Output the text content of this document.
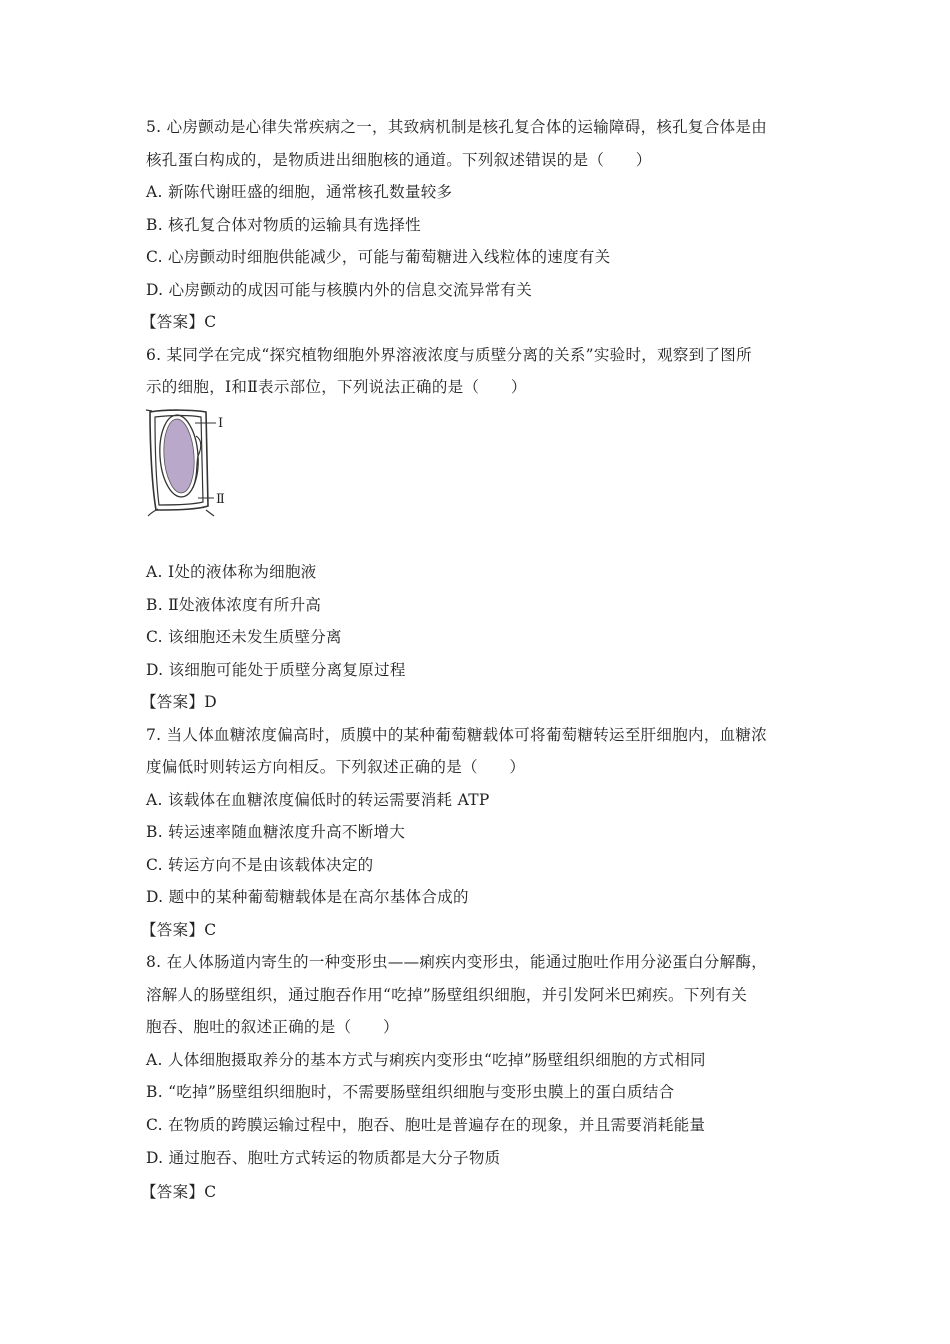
5. 心房颤动是心律失常疾病之一，其致病机制是核孔复合体的运输障碍，核孔复合体是由
核孔蛋白构成的，是物质进出细胞核的通道。下列叙述错误的是（　　）
A. 新陈代谢旺盛的细胞，通常核孔数量较多
B. 核孔复合体对物质的运输具有选择性
C. 心房颤动时细胞供能减少，可能与葡萄糖进入线粒体的速度有关
D. 心房颤动的成因可能与核膜内外的信息交流异常有关
【答案】C
6. 某同学在完成“探究植物细胞外界溶液浓度与质壁分离的关系”实验时，观察到了图所
示的细胞，Ⅰ和Ⅱ表示部位，下列说法正确的是（　　）
Ⅰ
Ⅱ
A. Ⅰ处的液体称为细胞液
B. Ⅱ处液体浓度有所升高
C. 该细胞还未发生质壁分离
D. 该细胞可能处于质壁分离复原过程
【答案】D
7. 当人体血糖浓度偏高时，质膜中的某种葡萄糖载体可将葡萄糖转运至肝细胞内，血糖浓
度偏低时则转运方向相反。下列叙述正确的是（　　）
A. 该载体在血糖浓度偏低时的转运需要消耗 ATP
B. 转运速率随血糖浓度升高不断增大
C. 转运方向不是由该载体决定的
D. 题中的某种葡萄糖载体是在高尔基体合成的
【答案】C
8. 在人体肠道内寄生的一种变形虫——痢疾内变形虫，能通过胞吐作用分泌蛋白分解酶，
溶解人的肠壁组织，通过胞吞作用“吃掉”肠壁组织细胞，并引发阿米巴痢疾。下列有关
胞吞、胞吐的叙述正确的是（　　）
A. 人体细胞摄取养分的基本方式与痢疾内变形虫“吃掉”肠壁组织细胞的方式相同
B. “吃掉”肠壁组织细胞时，不需要肠壁组织细胞与变形虫膜上的蛋白质结合
C. 在物质的跨膜运输过程中，胞吞、胞吐是普遍存在的现象，并且需要消耗能量
D. 通过胞吞、胞吐方式转运的物质都是大分子物质
【答案】C
